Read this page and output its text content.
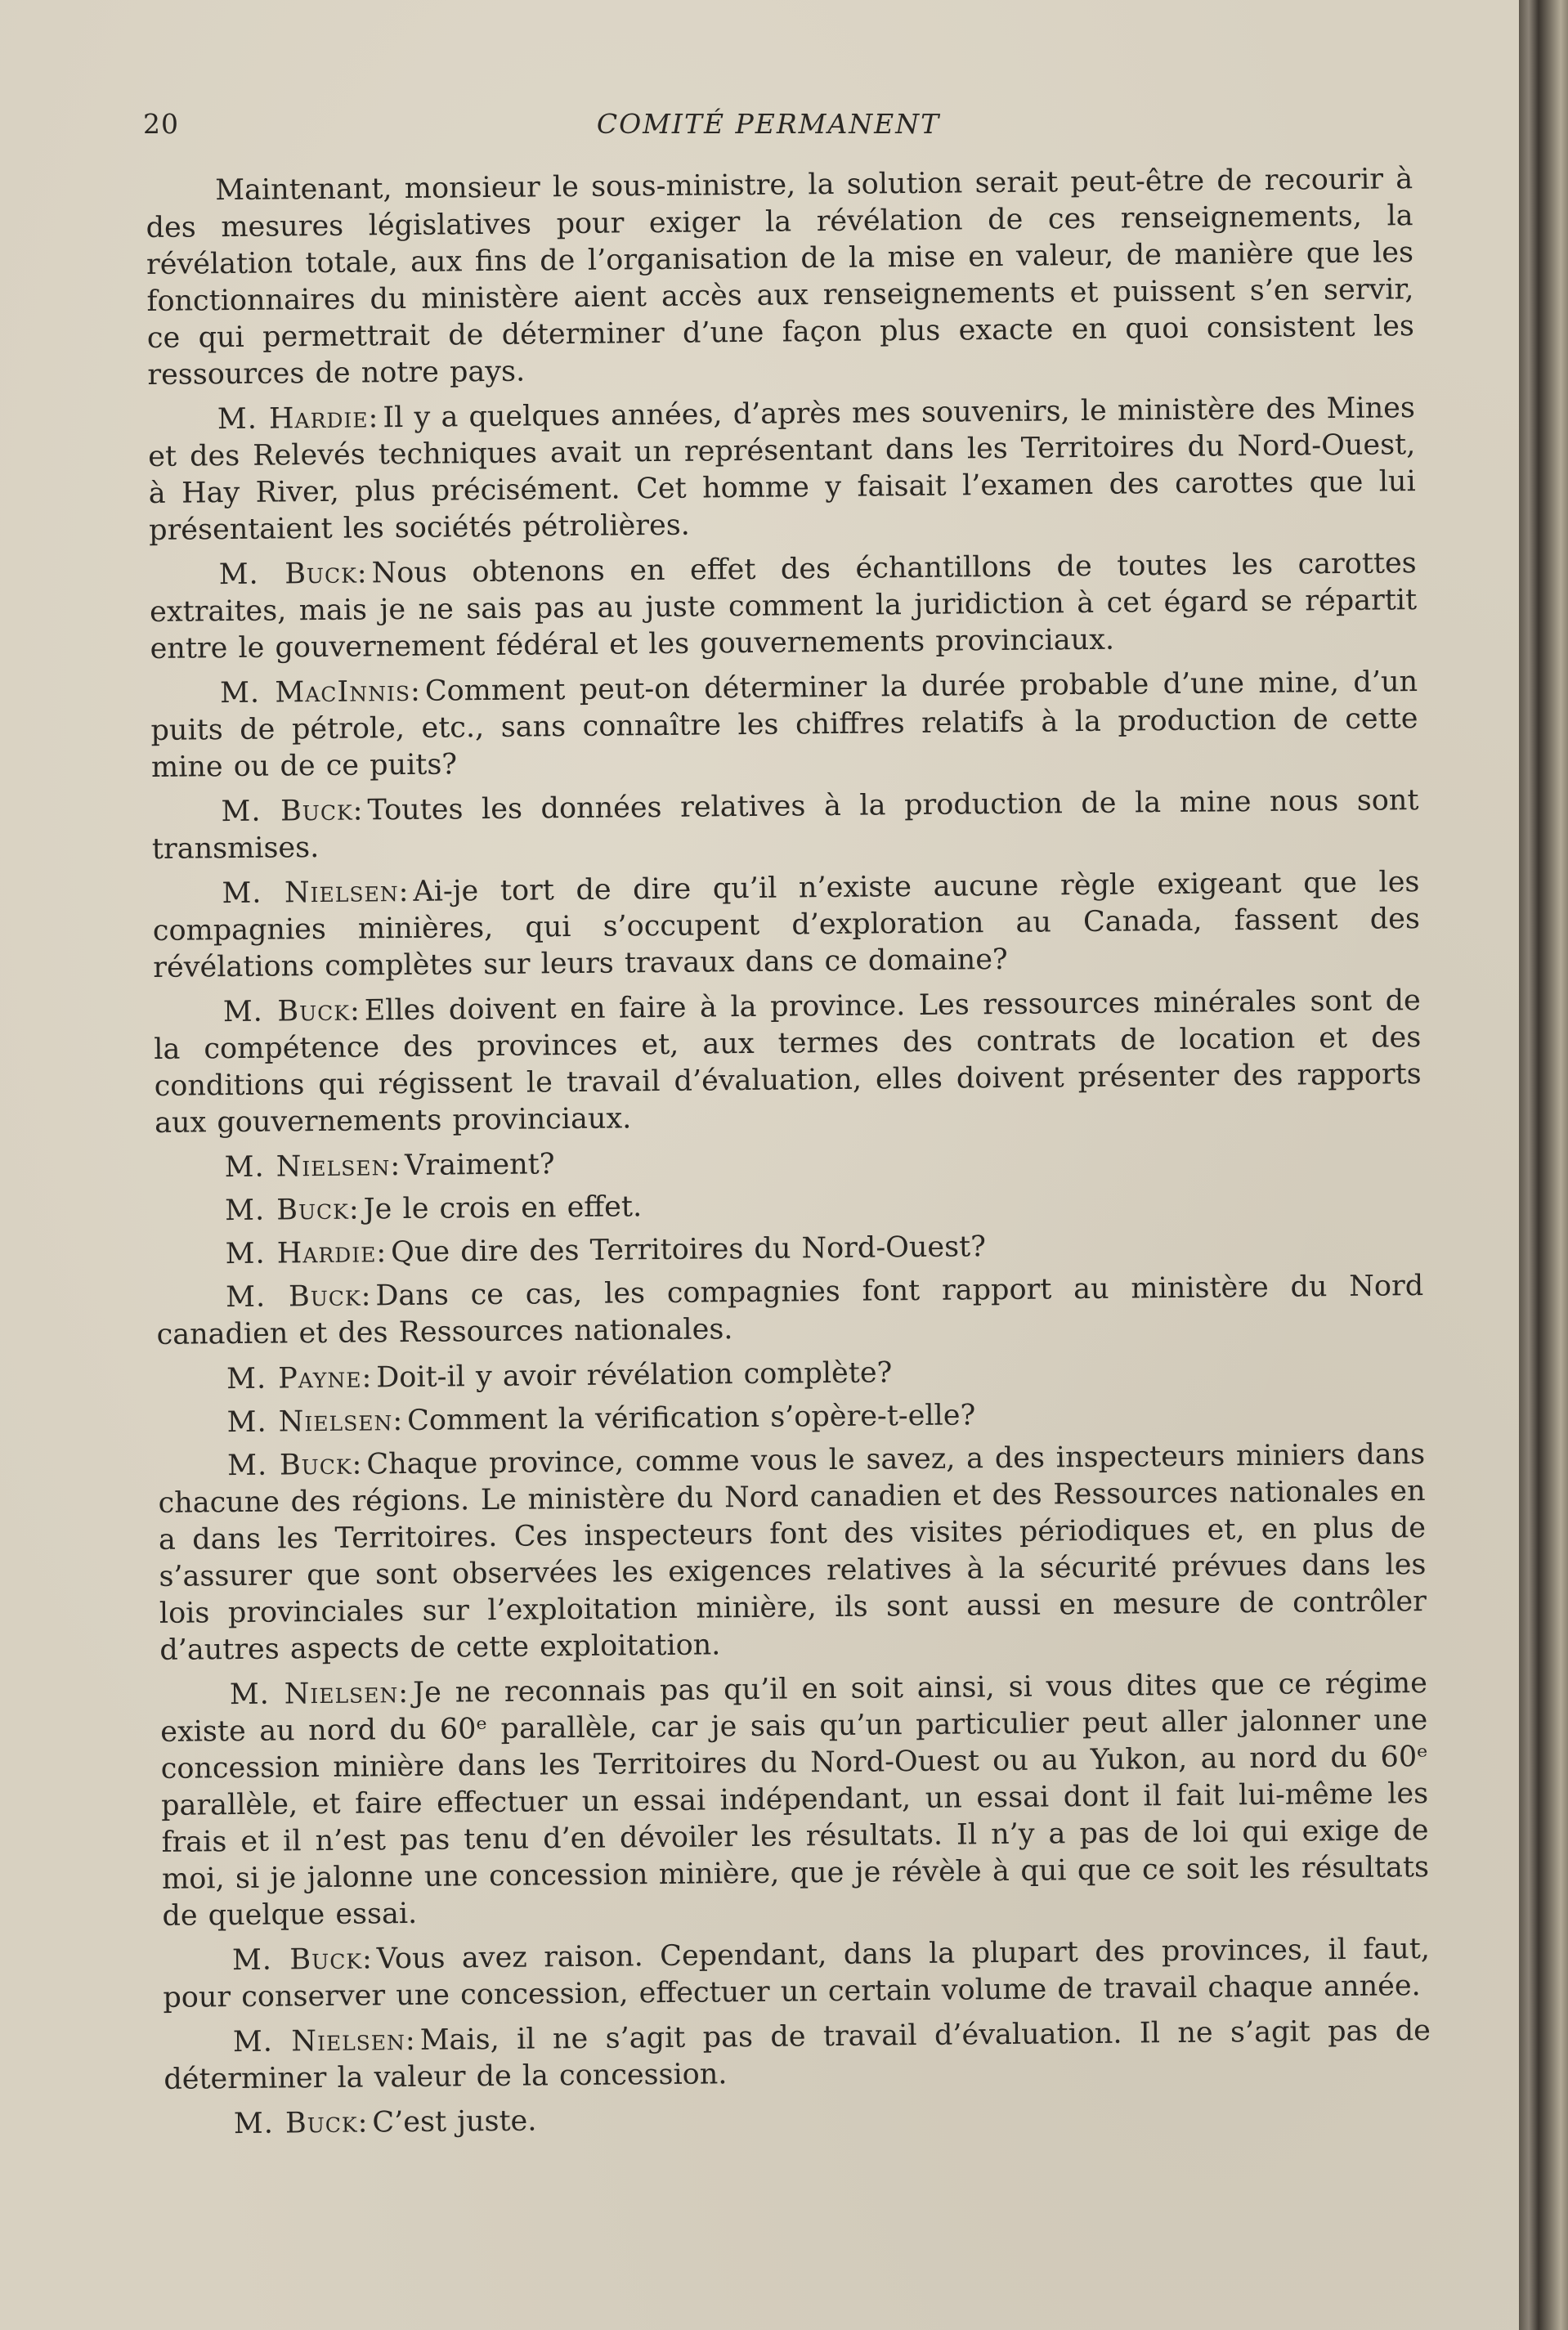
20	COMITÉ PERMANENT

Maintenant, monsieur le sous-ministre, la solution serait peut-être de recourir à des mesures législatives pour exiger la révélation de ces renseignements, la révélation totale, aux fins de l’organisation de la mise en valeur, de manière que les fonctionnaires du ministère aient accès aux renseignements et puissent s’en servir, ce qui permettrait de déterminer d’une façon plus exacte en quoi consistent les ressources de notre pays.

M. Hardie: Il y a quelques années, d’après mes souvenirs, le ministère des Mines et des Relevés techniques avait un représentant dans les Territoires du Nord-Ouest, à Hay River, plus précisément. Cet homme y faisait l’examen des carottes que lui présentaient les sociétés pétrolières.

M. Buck: Nous obtenons en effet des échantillons de toutes les carottes extraites, mais je ne sais pas au juste comment la juridiction à cet égard se répartit entre le gouvernement fédéral et les gouvernements provinciaux.

M. MacInnis: Comment peut-on déterminer la durée probable d’une mine, d’un puits de pétrole, etc., sans connaître les chiffres relatifs à la production de cette mine ou de ce puits?

M. Buck: Toutes les données relatives à la production de la mine nous sont transmises.

M. Nielsen: Ai-je tort de dire qu’il n’existe aucune règle exigeant que les compagnies minières, qui s’occupent d’exploration au Canada, fassent des révélations complètes sur leurs travaux dans ce domaine?

M. Buck: Elles doivent en faire à la province. Les ressources minérales sont de la compétence des provinces et, aux termes des contrats de location et des conditions qui régissent le travail d’évaluation, elles doivent présenter des rapports aux gouvernements provinciaux.

M. Nielsen: Vraiment?

M. Buck: Je le crois en effet.

M. Hardie: Que dire des Territoires du Nord-Ouest?

M. Buck: Dans ce cas, les compagnies font rapport au ministère du Nord canadien et des Ressources nationales.

M. Payne: Doit-il y avoir révélation complète?

M. Nielsen: Comment la vérification s’opère-t-elle?

M. Buck: Chaque province, comme vous le savez, a des inspecteurs miniers dans chacune des régions. Le ministère du Nord canadien et des Ressources nationales en a dans les Territoires. Ces inspecteurs font des visites périodiques et, en plus de s’assurer que sont observées les exigences relatives à la sécurité prévues dans les lois provinciales sur l’exploitation minière, ils sont aussi en mesure de contrôler d’autres aspects de cette exploitation.

M. Nielsen: Je ne reconnais pas qu’il en soit ainsi, si vous dites que ce régime existe au nord du 60ᵉ parallèle, car je sais qu’un particulier peut aller jalonner une concession minière dans les Territoires du Nord-Ouest ou au Yukon, au nord du 60ᵉ parallèle, et faire effectuer un essai indépendant, un essai dont il fait lui-même les frais et il n’est pas tenu d’en dévoiler les résultats. Il n’y a pas de loi qui exige de moi, si je jalonne une concession minière, que je révèle à qui que ce soit les résultats de quelque essai.

M. Buck: Vous avez raison. Cependant, dans la plupart des provinces, il faut, pour conserver une concession, effectuer un certain volume de travail chaque année.

M. Nielsen: Mais, il ne s’agit pas de travail d’évaluation. Il ne s’agit pas de déterminer la valeur de la concession.

M. Buck: C’est juste.
